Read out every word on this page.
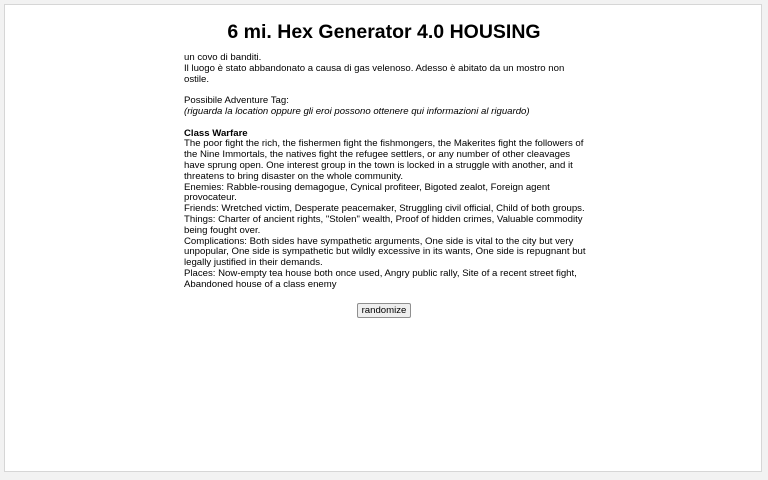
6 mi. Hex Generator 4.0 HOUSING

un covo di banditi.

Il luogo è stato abbandonato a causa di gas velenoso. Adesso è abitato da un mostro non ostile.

Possibile Adventure Tag:

(riguarda la location oppure gli eroi possono ottenere qui informazioni al riguardo)

Class Warfare

The poor fight the rich, the fishermen fight the fishmongers, the Makerites fight the followers of the Nine Immortals, the natives fight the refugee settlers, or any number of other cleavages have sprung open. One interest group in the town is locked in a struggle with another, and it threatens to bring disaster on the whole community.

Enemies: Rabble-rousing demagogue, Cynical profiteer, Bigoted zealot, Foreign agent provocateur.

Friends: Wretched victim, Desperate peacemaker, Struggling civil official, Child of both groups.

Things: Charter of ancient rights, "Stolen" wealth, Proof of hidden crimes, Valuable commodity being fought over.

Complications: Both sides have sympathetic arguments, One side is vital to the city but very unpopular, One side is sympathetic but wildly excessive in its wants, One side is repugnant but legally justified in their demands.

Places: Now-empty tea house both once used, Angry public rally, Site of a recent street fight, Abandoned house of a class enemy

randomize
